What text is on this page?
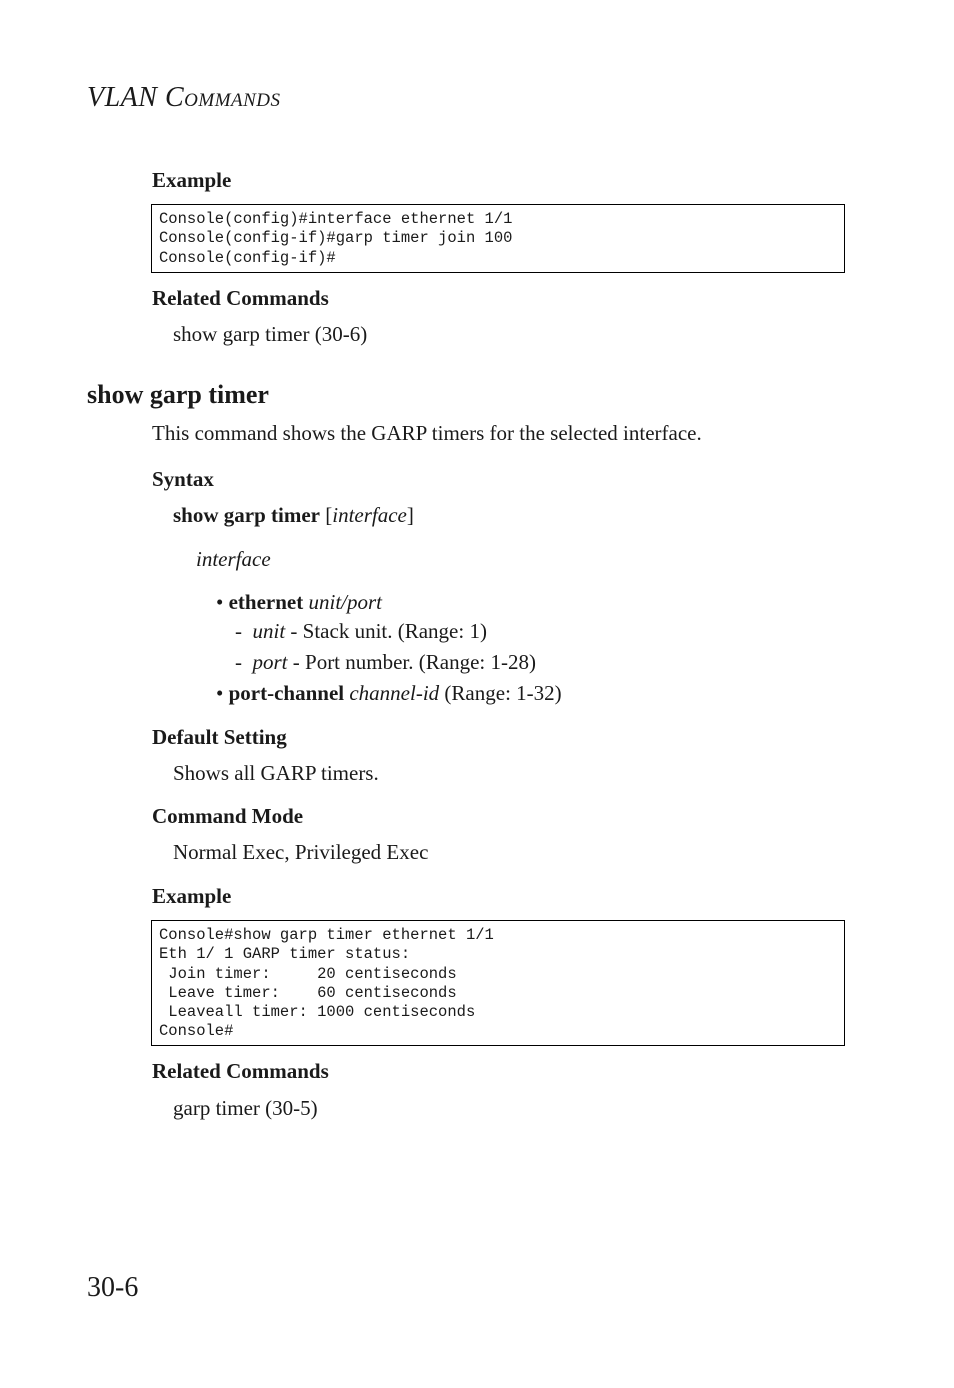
VLAN COMMANDS
Example
Console(config)#interface ethernet 1/1
Console(config-if)#garp timer join 100
Console(config-if)#
Related Commands
show garp timer (30-6)
show garp timer
This command shows the GARP timers for the selected interface.
Syntax
show garp timer [interface]
interface
• ethernet unit/port
- unit - Stack unit. (Range: 1)
- port - Port number. (Range: 1-28)
• port-channel channel-id (Range: 1-32)
Default Setting
Shows all GARP timers.
Command Mode
Normal Exec, Privileged Exec
Example
Console#show garp timer ethernet 1/1
Eth 1/ 1 GARP timer status:
Join timer:     20 centiseconds
Leave timer:    60 centiseconds
Leaveall timer: 1000 centiseconds
Console#
Related Commands
garp timer (30-5)
30-6
